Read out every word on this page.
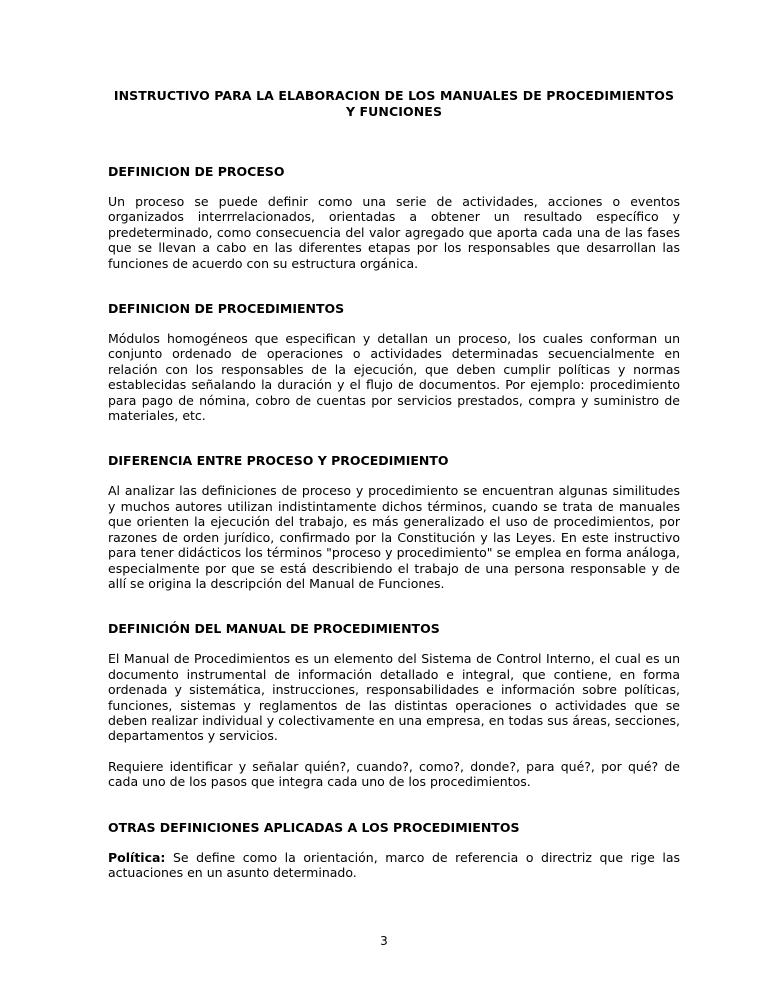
INSTRUCTIVO PARA LA ELABORACION DE LOS MANUALES DE PROCEDIMIENTOS Y FUNCIONES
DEFINICION DE PROCESO

Un proceso se puede definir como una serie de actividades, acciones o eventos organizados interrrelacionados, orientadas a obtener un resultado específico y predeterminado, como consecuencia del valor agregado que aporta cada una de las fases que se llevan a cabo en las diferentes etapas por los responsables que desarrollan las funciones de acuerdo con su estructura orgánica.

DEFINICION DE PROCEDIMIENTOS

Módulos homogéneos que especifican y detallan un proceso, los cuales conforman un conjunto ordenado de operaciones o actividades determinadas secuencialmente en relación con los responsables de la ejecución, que deben cumplir políticas y normas establecidas señalando la duración y el flujo de documentos. Por ejemplo: procedimiento para pago de nómina, cobro de cuentas por servicios prestados, compra y suministro de materiales, etc.

DIFERENCIA ENTRE PROCESO Y PROCEDIMIENTO

Al analizar las definiciones de proceso y procedimiento se encuentran algunas similitudes y muchos autores utilizan indistintamente dichos términos, cuando se trata de manuales que orienten la ejecución del trabajo, es más generalizado el uso de procedimientos, por razones de orden jurídico, confirmado por la Constitución y las Leyes. En este instructivo para tener didácticos los términos "proceso y procedimiento" se emplea en forma análoga, especialmente por que se está describiendo el trabajo de una persona responsable y de allí se origina la descripción del Manual de Funciones.

DEFINICIÓN DEL MANUAL DE PROCEDIMIENTOS

El Manual de Procedimientos es un elemento del Sistema de Control Interno, el cual es un documento instrumental de información detallado e integral, que contiene, en forma ordenada y sistemática, instrucciones, responsabilidades e información sobre políticas, funciones, sistemas y reglamentos de las distintas operaciones o actividades que se deben realizar individual y colectivamente en una empresa, en todas sus áreas, secciones, departamentos y servicios.

Requiere identificar y señalar quién?, cuando?, como?, donde?, para qué?, por qué? de cada uno de los pasos que integra cada uno de los procedimientos.

OTRAS DEFINICIONES APLICADAS A LOS PROCEDIMIENTOS

Política: Se define como la orientación, marco de referencia o directriz que rige las actuaciones en un asunto determinado.

3
